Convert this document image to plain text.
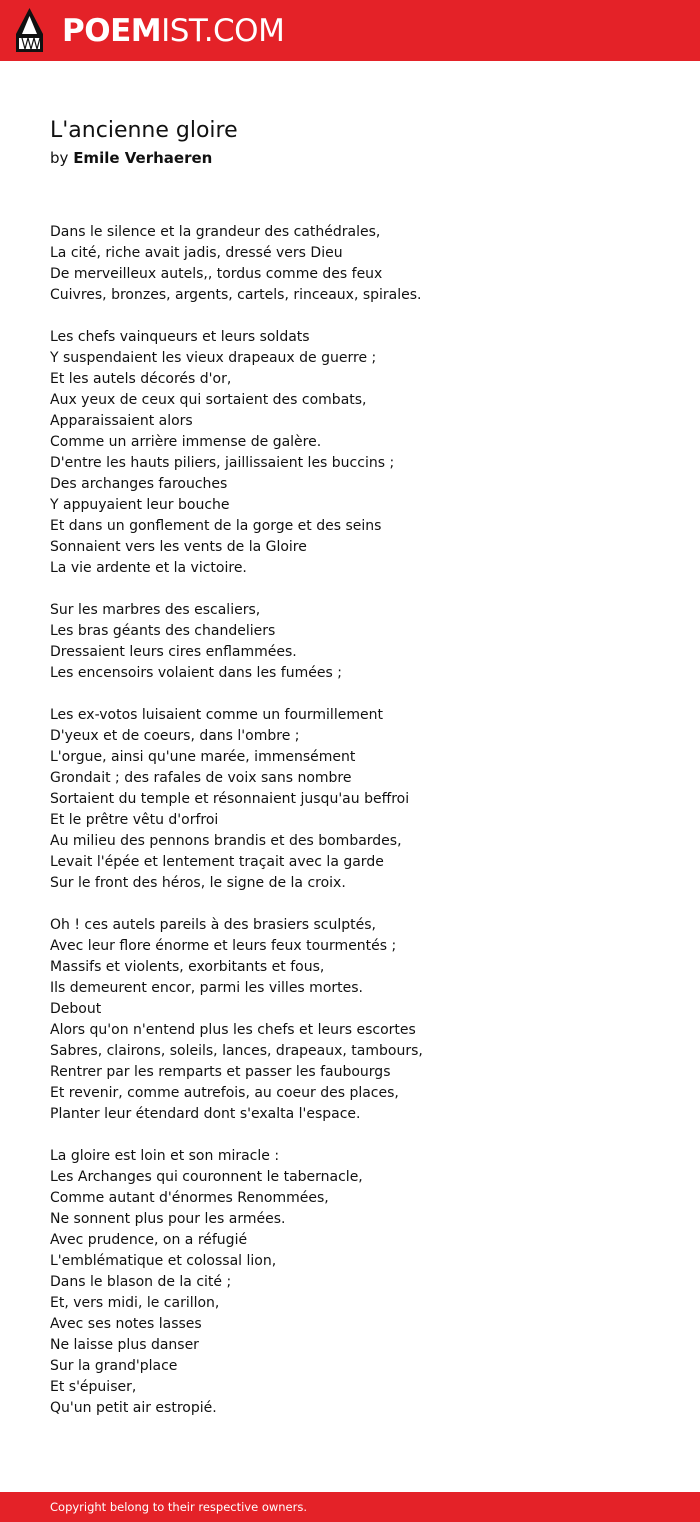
POEMIST.COM
L'ancienne gloire

by Emile Verhaeren

Dans le silence et la grandeur des cathédrales,
La cité, riche avait jadis, dressé vers Dieu
De merveilleux autels,, tordus comme des feux
Cuivres, bronzes, argents, cartels, rinceaux, spirales.

Les chefs vainqueurs et leurs soldats
Y suspendaient les vieux drapeaux de guerre ;
Et les autels décorés d'or,
Aux yeux de ceux qui sortaient des combats,
Apparaissaient alors
Comme un arrière immense de galère.
D'entre les hauts piliers, jaillissaient les buccins ;
Des archanges farouches
Y appuyaient leur bouche
Et dans un gonflement de la gorge et des seins
Sonnaient vers les vents de la Gloire
La vie ardente et la victoire.

Sur les marbres des escaliers,
Les bras géants des chandeliers
Dressaient leurs cires enflammées.
Les encensoirs volaient dans les fumées ;

Les ex-votos luisaient comme un fourmillement
D'yeux et de coeurs, dans l'ombre ;
L'orgue, ainsi qu'une marée, immensément
Grondait ; des rafales de voix sans nombre
Sortaient du temple et résonnaient jusqu'au beffroi
Et le prêtre vêtu d'orfroi
Au milieu des pennons brandis et des bombardes,
Levait l'épée et lentement traçait avec la garde
Sur le front des héros, le signe de la croix.

Oh ! ces autels pareils à des brasiers sculptés,
Avec leur flore énorme et leurs feux tourmentés ;
Massifs et violents, exorbitants et fous,
Ils demeurent encor, parmi les villes mortes.
Debout
Alors qu'on n'entend plus les chefs et leurs escortes
Sabres, clairons, soleils, lances, drapeaux, tambours,
Rentrer par les remparts et passer les faubourgs
Et revenir, comme autrefois, au coeur des places,
Planter leur étendard dont s'exalta l'espace.

La gloire est loin et son miracle :
Les Archanges qui couronnent le tabernacle,
Comme autant d'énormes Renommées,
Ne sonnent plus pour les armées.
Avec prudence, on a réfugié
L'emblématique et colossal lion,
Dans le blason de la cité ;
Et, vers midi, le carillon,
Avec ses notes lasses
Ne laisse plus danser
Sur la grand'place
Et s'épuiser,
Qu'un petit air estropié.

Copyright belong to their respective owners.
